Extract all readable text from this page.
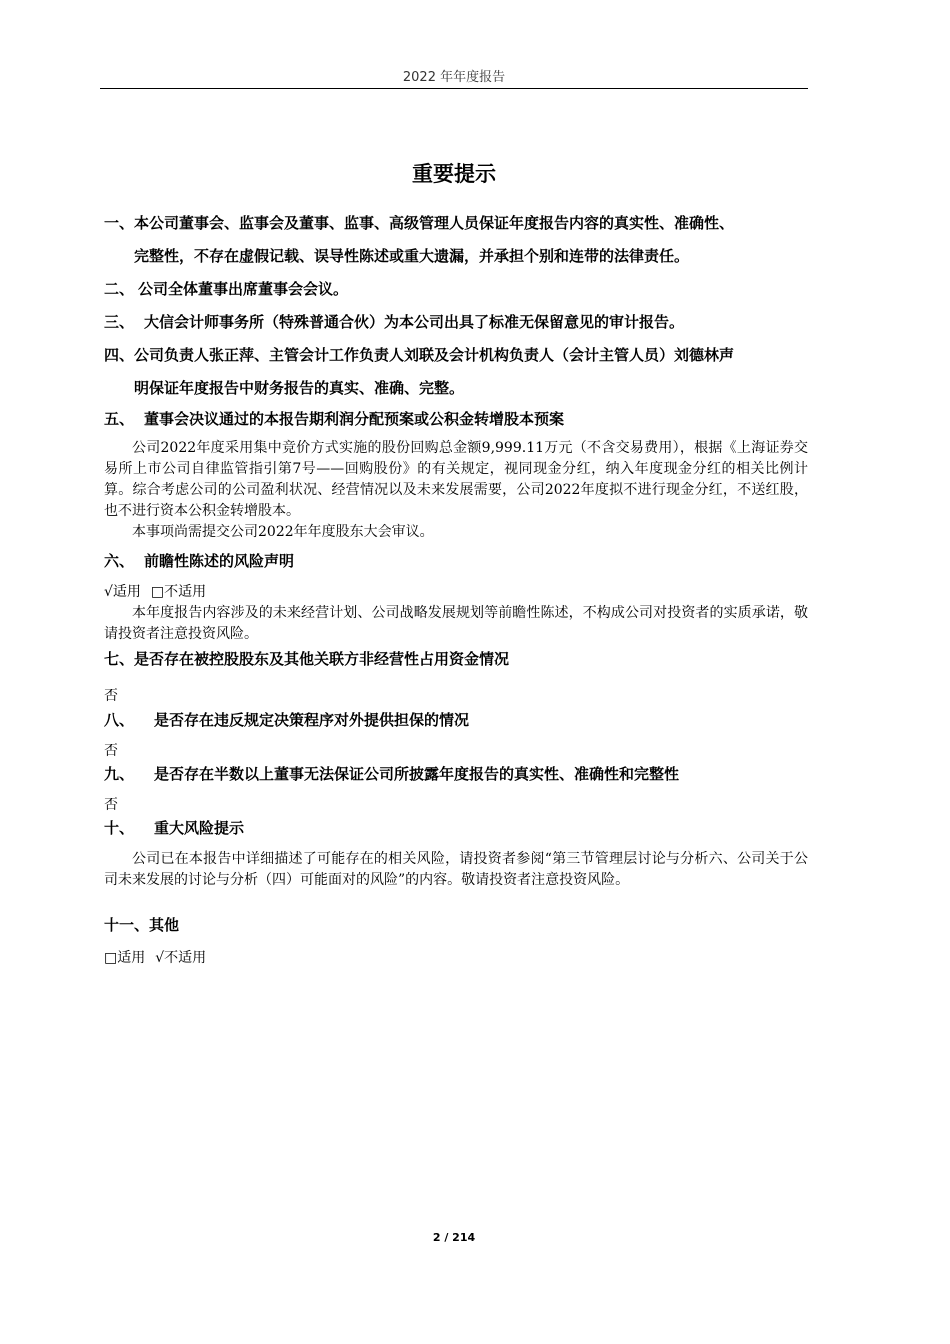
2022 年年度报告
重要提示
一、本公司董事会、监事会及董事、监事、高级管理人员保证年度报告内容的真实性、准确性、
完整性，不存在虚假记载、误导性陈述或重大遗漏，并承担个别和连带的法律责任。
二、 公司全体董事出席董事会会议。
三、 大信会计师事务所（特殊普通合伙）为本公司出具了标准无保留意见的审计报告。
四、公司负责人张正萍、主管会计工作负责人刘联及会计机构负责人（会计主管人员）刘德林声
明保证年度报告中财务报告的真实、准确、完整。
五、 董事会决议通过的本报告期利润分配预案或公积金转增股本预案

公司2022年度采用集中竞价方式实施的股份回购总金额9,999.11万元（不含交易费用），根据《上海证券交易所上市公司自律监管指引第7号——回购股份》的有关规定，视同现金分红，纳入年度现金分红的相关比例计算。综合考虑公司的公司盈利状况、经营情况以及未来发展需要，公司2022年度拟不进行现金分红，不送红股，也不进行资本公积金转增股本。

本事项尚需提交公司2022年年度股东大会审议。

六、 前瞻性陈述的风险声明
√适用 □不适用

本年度报告内容涉及的未来经营计划、公司战略发展规划等前瞻性陈述，不构成公司对投资者的实质承诺，敬请投资者注意投资风险。

七、是否存在被控股股东及其他关联方非经营性占用资金情况
否
八、 是否存在违反规定决策程序对外提供担保的情况
否
九、 是否存在半数以上董事无法保证公司所披露年度报告的真实性、准确性和完整性
否
十、 重大风险提示

公司已在本报告中详细描述了可能存在的相关风险，请投资者参阅“第三节管理层讨论与分析六、公司关于公司未来发展的讨论与分析（四）可能面对的风险”的内容。敬请投资者注意投资风险。

十一、其他
□适用 √不适用
2 / 214
